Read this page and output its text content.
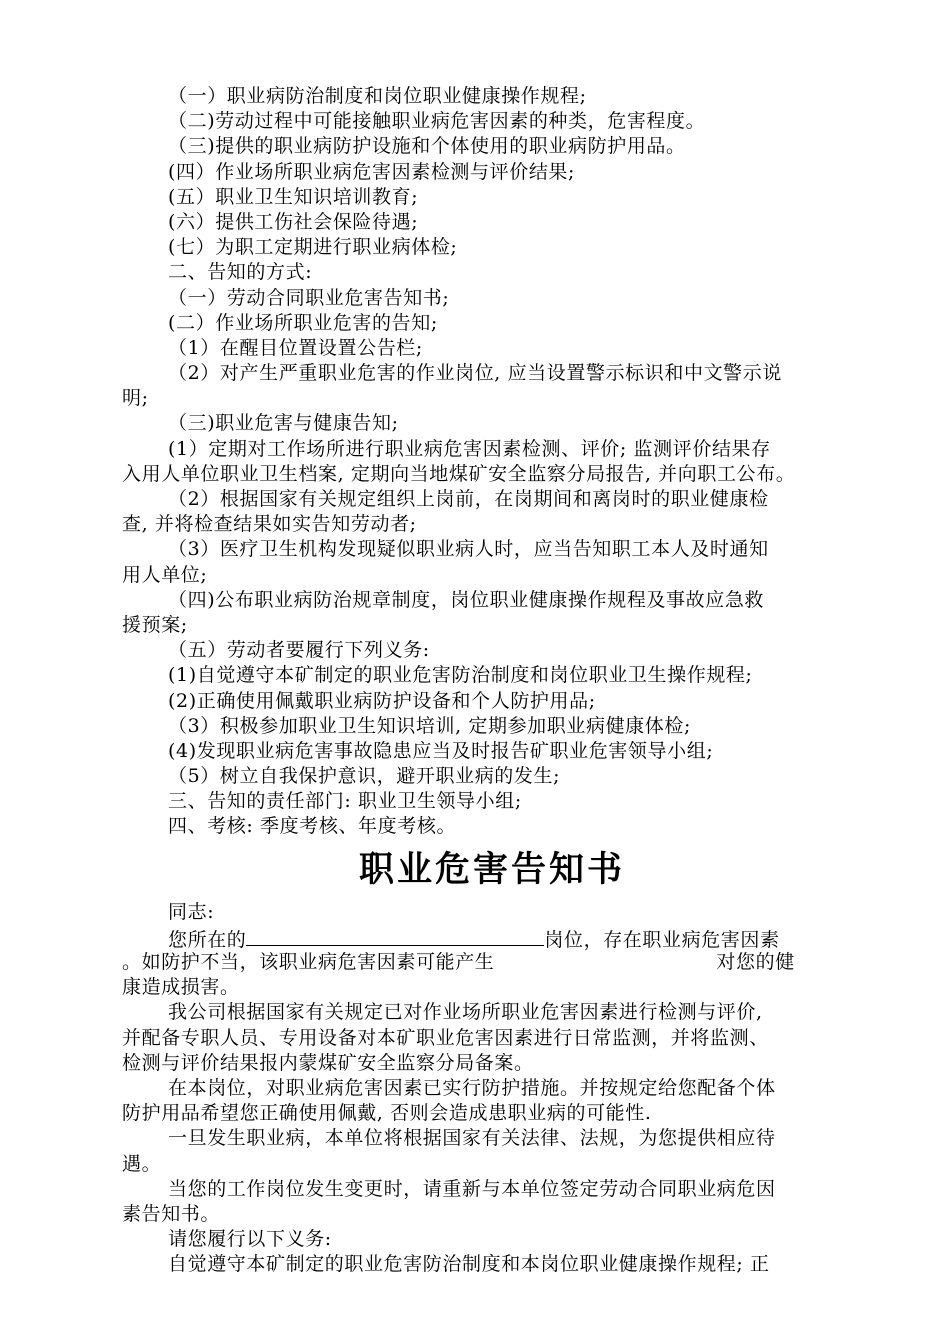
（一）职业病防治制度和岗位职业健康操作规程;
（二)劳动过程中可能接触职业病危害因素的种类，危害程度。
（三)提供的职业病防护设施和个体使用的职业病防护用品。
(四）作业场所职业病危害因素检测与评价结果;
(五）职业卫生知识培训教育;
(六）提供工伤社会保险待遇;
(七）为职工定期进行职业病体检;
二、告知的方式:
（一）劳动合同职业危害告知书;
(二）作业场所职业危害的告知;
（1）在醒目位置设置公告栏;
（2）对产生严重职业危害的作业岗位, 应当设置警示标识和中文警示说
明;
（三)职业危害与健康告知;
(1）定期对工作场所进行职业病危害因素检测、评价; 监测评价结果存
入用人单位职业卫生档案, 定期向当地煤矿安全监察分局报告, 并向职工公布。
（2）根据国家有关规定组织上岗前，在岗期间和离岗时的职业健康检
查, 并将检查结果如实告知劳动者;
（3）医疗卫生机构发现疑似职业病人时，应当告知职工本人及时通知
用人单位;
（四)公布职业病防治规章制度，岗位职业健康操作规程及事故应急救
援预案;
（五）劳动者要履行下列义务:
(1)自觉遵守本矿制定的职业危害防治制度和岗位职业卫生操作规程;
(2)正确使用佩戴职业病防护设备和个人防护用品;
（3）积极参加职业卫生知识培训, 定期参加职业病健康体检;
(4)发现职业病危害事故隐患应当及时报告矿职业危害领导小组;
（5）树立自我保护意识，避开职业病的发生;
三、告知的责任部门: 职业卫生领导小组;
四、考核: 季度考核、年度考核。
职业危害告知书
同志:
您所在的	岗位，存在职业病危害因素
。如防护不当，该职业病危害因素可能产生	对您的健
康造成损害。
我公司根据国家有关规定已对作业场所职业危害因素进行检测与评价,
并配备专职人员、专用设备对本矿职业危害因素进行日常监测，并将监测、
检测与评价结果报内蒙煤矿安全监察分局备案。
在本岗位，对职业病危害因素已实行防护措施。并按规定给您配备个体
防护用品希望您正确使用佩戴, 否则会造成患职业病的可能性.
一旦发生职业病，本单位将根据国家有关法律、法规，为您提供相应待
遇。
当您的工作岗位发生变更时，请重新与本单位签定劳动合同职业病危因
素告知书。
请您履行以下义务:
自觉遵守本矿制定的职业危害防治制度和本岗位职业健康操作规程; 正
